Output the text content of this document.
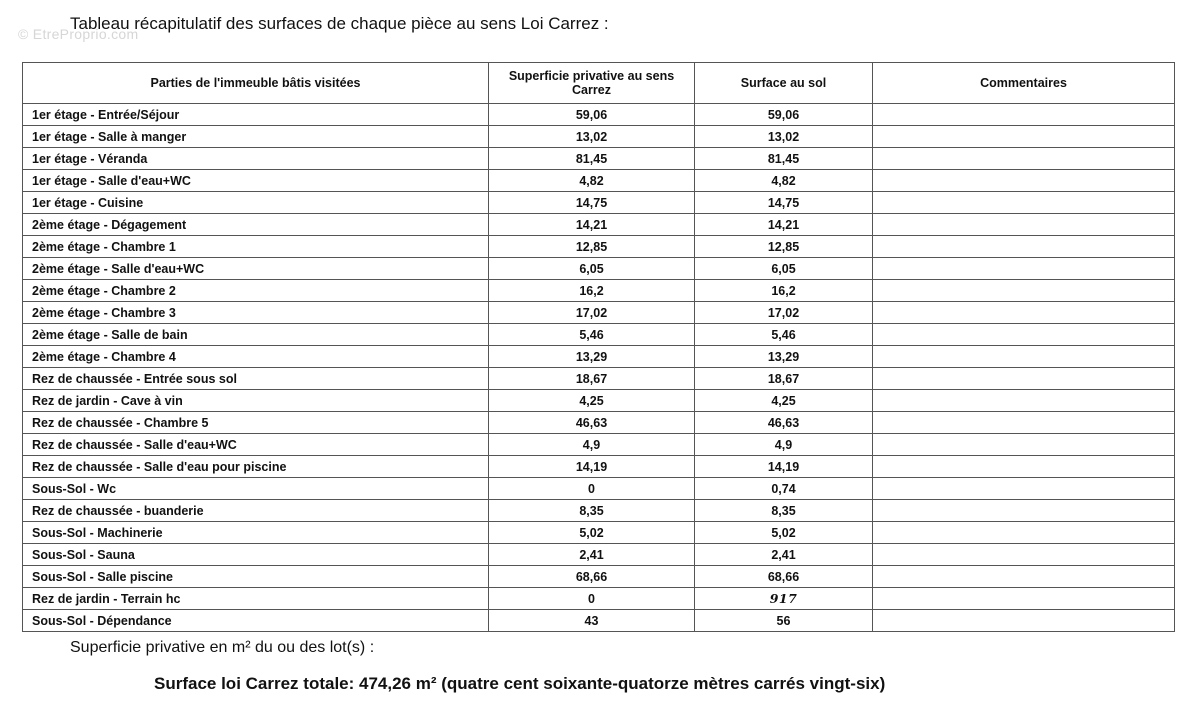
© EtreProprio.com
Tableau récapitulatif des surfaces de chaque pièce au sens Loi Carrez :
Parties de l'immeuble bâtis visitées	Superficie privative au sens Carrez	Surface au sol	Commentaires
1er étage - Entrée/Séjour	59,06	59,06	
1er étage - Salle à manger	13,02	13,02	
1er étage - Véranda	81,45	81,45	
1er étage - Salle d'eau+WC	4,82	4,82	
1er étage - Cuisine	14,75	14,75	
2ème étage - Dégagement	14,21	14,21	
2ème étage - Chambre 1	12,85	12,85	
2ème étage - Salle d'eau+WC	6,05	6,05	
2ème étage - Chambre 2	16,2	16,2	
2ème étage - Chambre 3	17,02	17,02	
2ème étage - Salle de bain	5,46	5,46	
2ème étage - Chambre 4	13,29	13,29	
Rez de chaussée - Entrée sous sol	18,67	18,67	
Rez de jardin - Cave à vin	4,25	4,25	
Rez de chaussée - Chambre 5	46,63	46,63	
Rez de chaussée - Salle d'eau+WC	4,9	4,9	
Rez de chaussée - Salle d'eau pour piscine	14,19	14,19	
Sous-Sol - Wc	0	0,74	
Rez de chaussée - buanderie	8,35	8,35	
Sous-Sol - Machinerie	5,02	5,02	
Sous-Sol - Sauna	2,41	2,41	
Sous-Sol - Salle piscine	68,66	68,66	
Rez de jardin - Terrain hc	0	917	
Sous-Sol - Dépendance	43	56	
Superficie privative en m² du ou des lot(s) :
Surface loi Carrez totale: 474,26 m² (quatre cent soixante-quatorze mètres carrés vingt-six)
